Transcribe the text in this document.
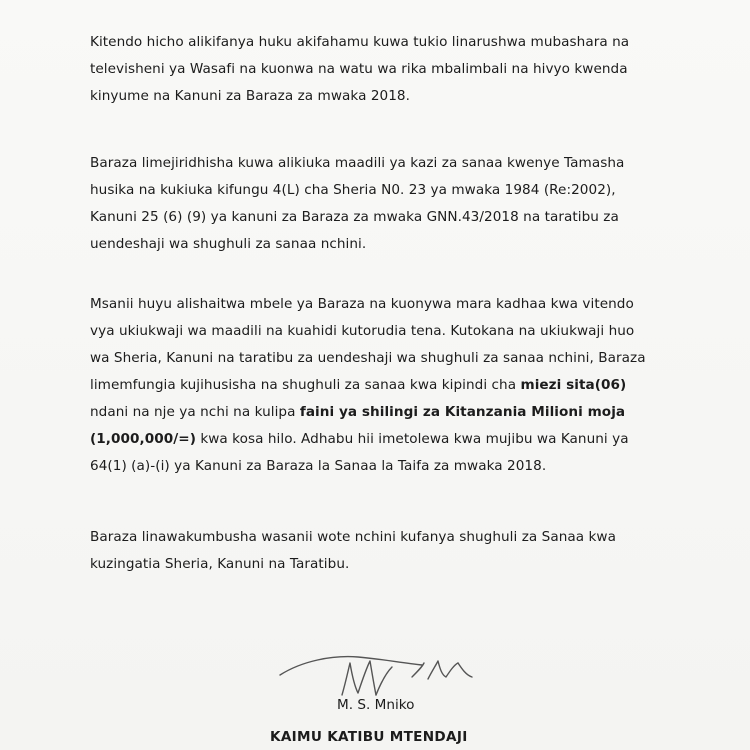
Kitendo hicho alikifanya huku akifahamu kuwa tukio linarushwa mubashara na
televisheni ya Wasafi na kuonwa na watu wa rika mbalimbali na hivyo kwenda
kinyume na Kanuni za Baraza za mwaka 2018.

Baraza limejiridhisha kuwa alikiuka maadili ya kazi za sanaa kwenye Tamasha
husika na kukiuka kifungu 4(L) cha Sheria N0. 23 ya mwaka 1984 (Re:2002),
Kanuni 25 (6) (9) ya kanuni za Baraza za mwaka GNN.43/2018 na taratibu za
uendeshaji wa shughuli za sanaa nchini.

Msanii huyu alishaitwa mbele ya Baraza na kuonywa mara kadhaa kwa vitendo
vya ukiukwaji wa maadili na kuahidi kutorudia tena. Kutokana na ukiukwaji huo
wa Sheria, Kanuni na taratibu za uendeshaji wa shughuli za sanaa nchini, Baraza
limemfungia kujihusisha na shughuli za sanaa kwa kipindi cha miezi sita(06)
ndani na nje ya nchi na kulipa faini ya shilingi za Kitanzania Milioni moja
(1,000,000/=) kwa kosa hilo. Adhabu hii imetolewa kwa mujibu wa Kanuni ya
64(1) (a)-(i) ya Kanuni za Baraza la Sanaa la Taifa za mwaka 2018.

Baraza linawakumbusha wasanii wote nchini kufanya shughuli za Sanaa kwa
kuzingatia Sheria, Kanuni na Taratibu.

M. S. Mniko
KAIMU KATIBU MTENDAJI
